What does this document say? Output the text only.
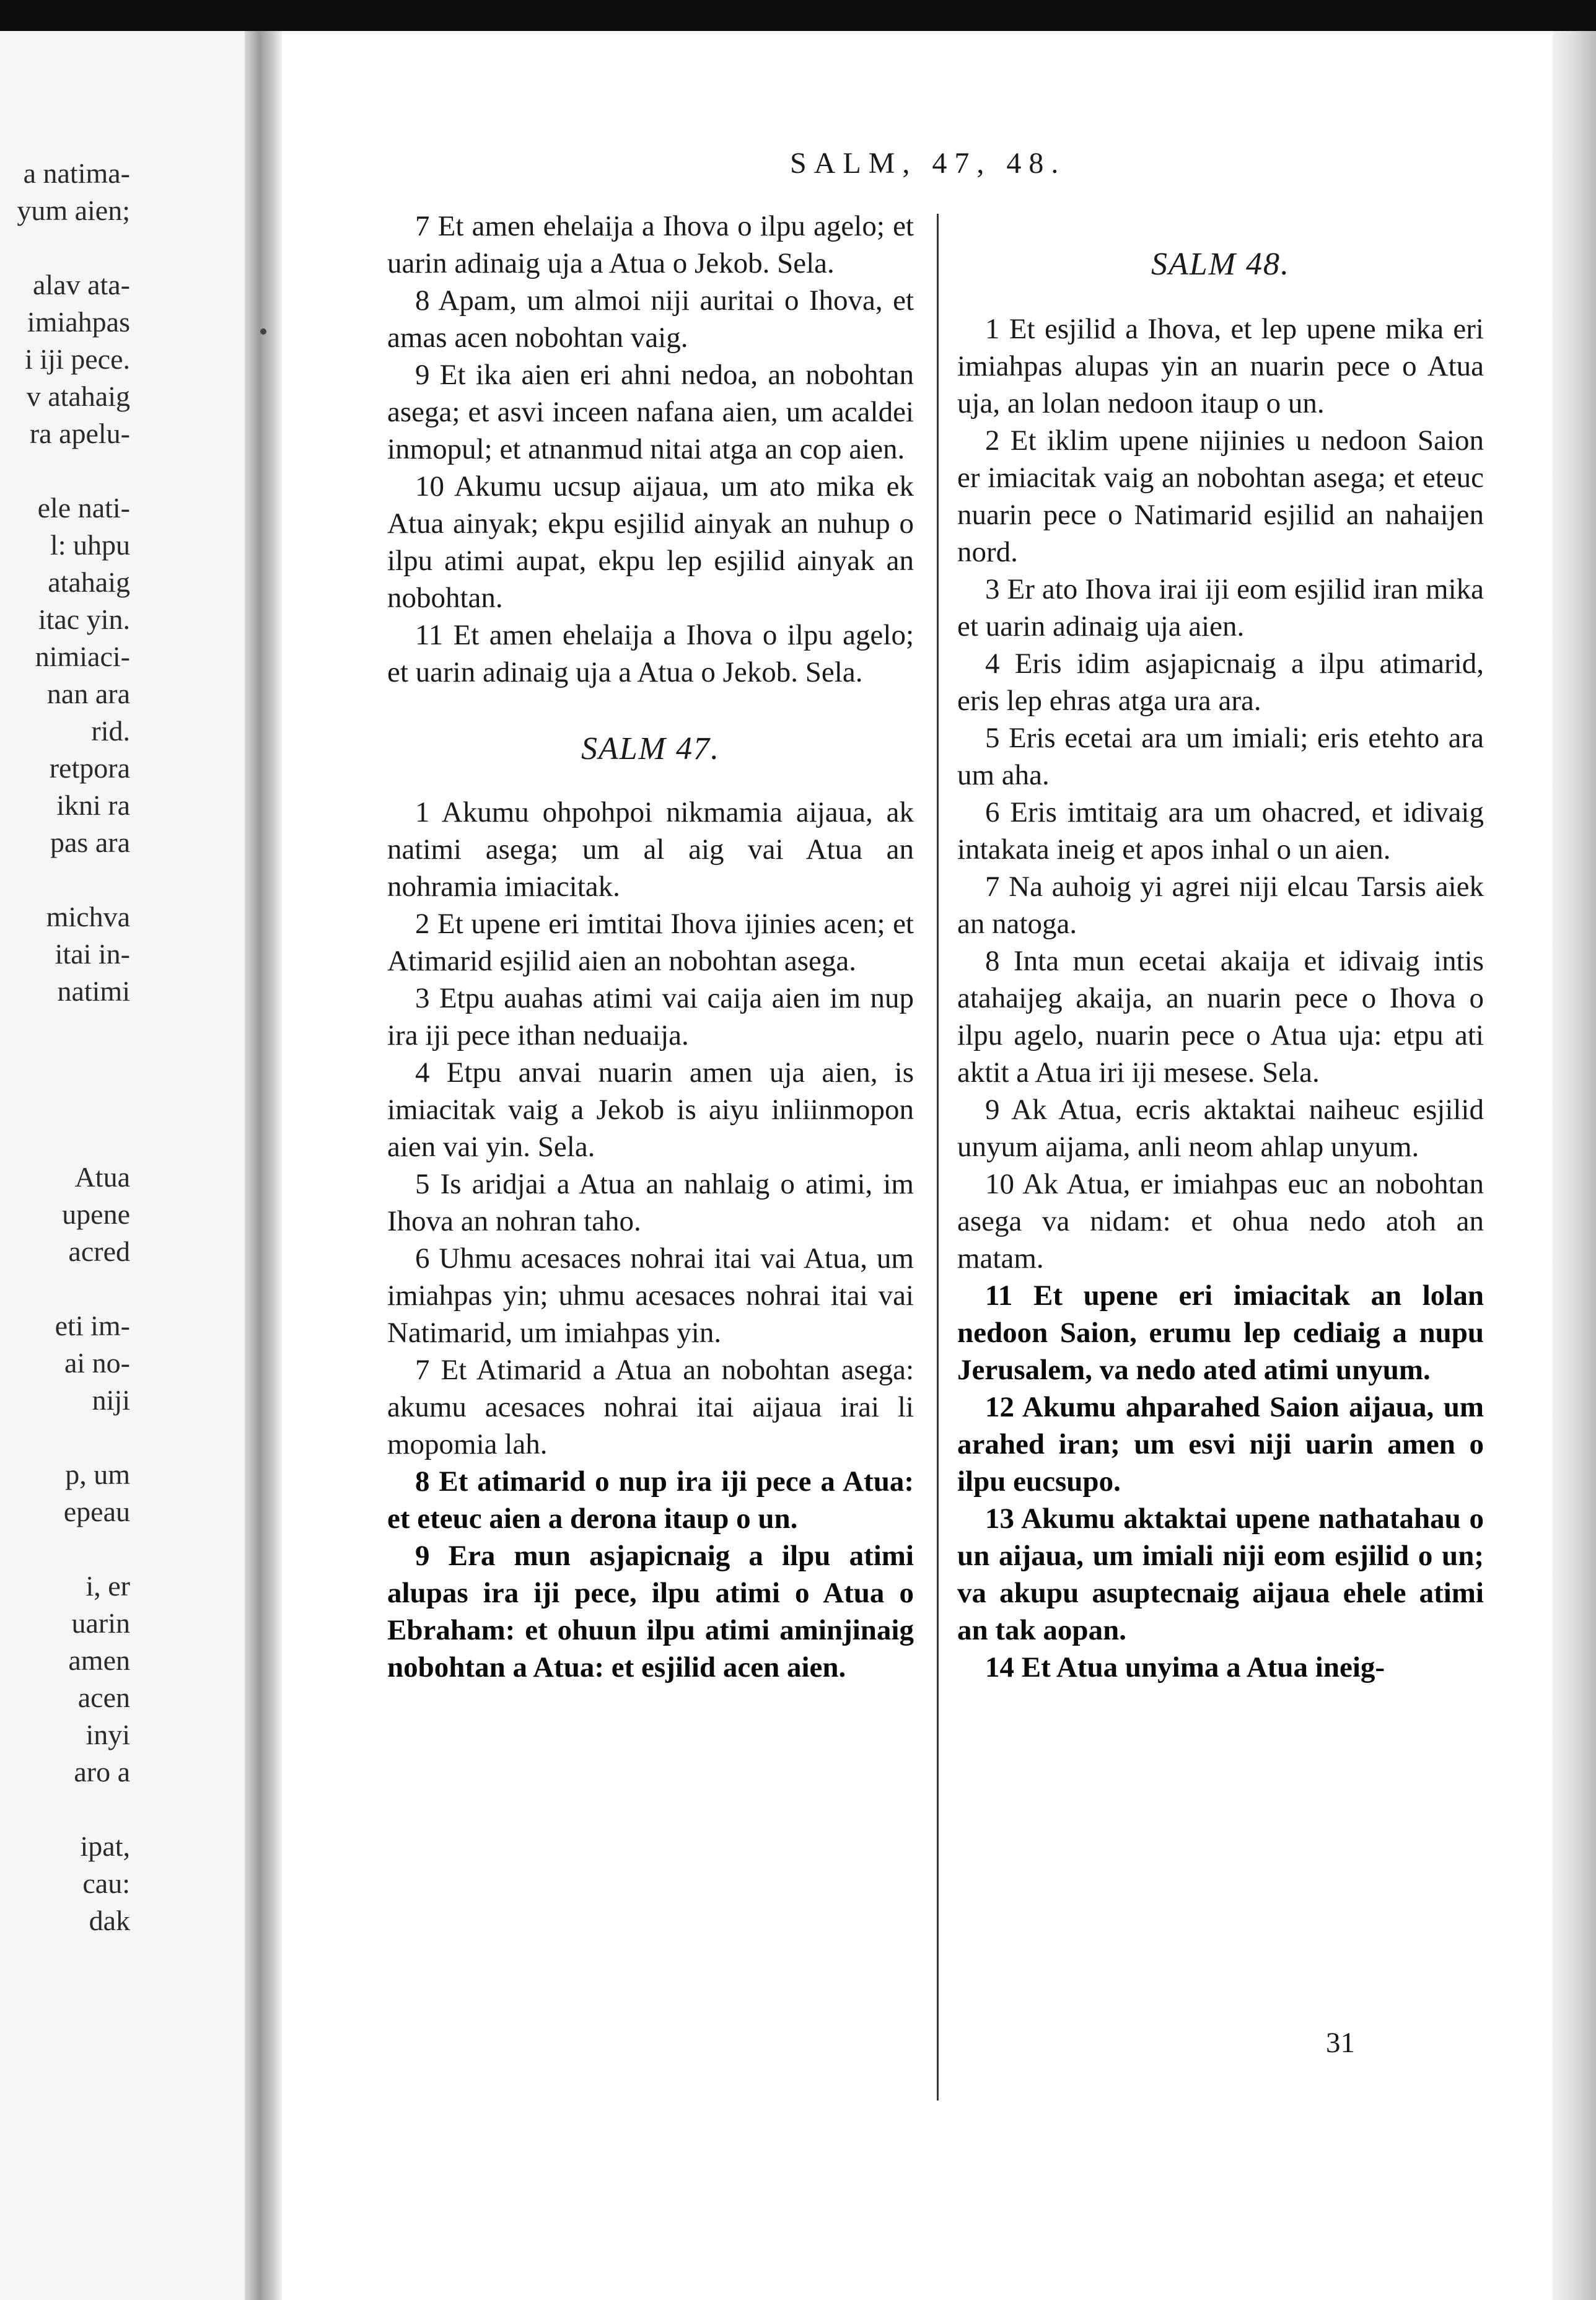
a natima-
yum aien;
alav ata-
imiahpas
i iji pece.
v atahaig
ra apelu-
ele nati-
l: uhpu
atahaig
itac yin.
nimiaci-
nan ara
rid.
retpora
ikni ra
pas ara
michva
itai in-
natimi
Atua
upene
acred
eti im-
ai no-
niji
p, um
epeau
i, er
uarin
amen
acen
inyi
aro a
ipat,
cau:
dak
SALM, 47, 48.

7 Et amen ehelaija a Ihova o ilpu agelo; et uarin adinaig uja a Atua o Jekob. Sela.

8 Apam, um almoi niji auritai o Ihova, et amas acen nobohtan vaig.

9 Et ika aien eri ahni nedoa, an nobohtan asega; et asvi inceen nafana aien, um acaldei inmopul; et atnanmud nitai atga an cop aien.

10 Akumu ucsup aijaua, um ato mika ek Atua ainyak; ekpu esjilid ainyak an nuhup o ilpu atimi aupat, ekpu lep esjilid ainyak an nobohtan.

11 Et amen ehelaija a Ihova o ilpu agelo; et uarin adinaig uja a Atua o Jekob. Sela.

SALM 47.

1 Akumu ohpohpoi nikmamia aijaua, ak natimi asega; um al aig vai Atua an nohramia imiacitak.

2 Et upene eri imtitai Ihova ijinies acen; et Atimarid esjilid aien an nobohtan asega.

3 Etpu auahas atimi vai caija aien im nup ira iji pece ithan neduaija.

4 Etpu anvai nuarin amen uja aien, is imiacitak vaig a Jekob is aiyu inliinmopon aien vai yin. Sela.

5 Is aridjai a Atua an nahlaig o atimi, im Ihova an nohran taho.

6 Uhmu acesaces nohrai itai vai Atua, um imiahpas yin; uhmu acesaces nohrai itai vai Natimarid, um imiahpas yin.

7 Et Atimarid a Atua an nobohtan asega: akumu acesaces nohrai itai aijaua irai li mopomia lah.

8 Et atimarid o nup ira iji pece a Atua: et eteuc aien a derona itaup o un.

9 Era mun asjapicnaig a ilpu atimi alupas ira iji pece, ilpu atimi o Atua o Ebraham: et ohuun ilpu atimi aminjinaig nobohtan a Atua: et esjilid acen aien.

SALM 48.

1 Et esjilid a Ihova, et lep upene mika eri imiahpas alupas yin an nuarin pece o Atua uja, an lolan nedoon itaup o un.

2 Et iklim upene nijinies u nedoon Saion er imiacitak vaig an nobohtan asega; et eteuc nuarin pece o Natimarid esjilid an nahaijen nord.

3 Er ato Ihova irai iji eom esjilid iran mika et uarin adinaig uja aien.

4 Eris idim asjapicnaig a ilpu atimarid, eris lep ehras atga ura ara.

5 Eris ecetai ara um imiali; eris etehto ara um aha.

6 Eris imtitaig ara um ohacred, et idivaig intakata ineig et apos inhal o un aien.

7 Na auhoig yi agrei niji elcau Tarsis aiek an natoga.

8 Inta mun ecetai akaija et idivaig intis atahaijeg akaija, an nuarin pece o Ihova o ilpu agelo, nuarin pece o Atua uja: etpu ati aktit a Atua iri iji mesese. Sela.

9 Ak Atua, ecris aktaktai naiheuc esjilid unyum aijama, anli neom ahlap unyum.

10 Ak Atua, er imiahpas euc an nobohtan asega va nidam: et ohua nedo atoh an matam.

11 Et upene eri imiacitak an lolan nedoon Saion, erumu lep cediaig a nupu Jerusalem, va nedo ated atimi unyum.

12 Akumu ahparahed Saion aijaua, um arahed iran; um esvi niji uarin amen o ilpu eucsupo.

13 Akumu aktaktai upene nathatahau o un aijaua, um imiali niji eom esjilid o un; va akupu asuptecnaig aijaua ehele atimi an tak aopan.

14 Et Atua unyima a Atua ineig-

31
